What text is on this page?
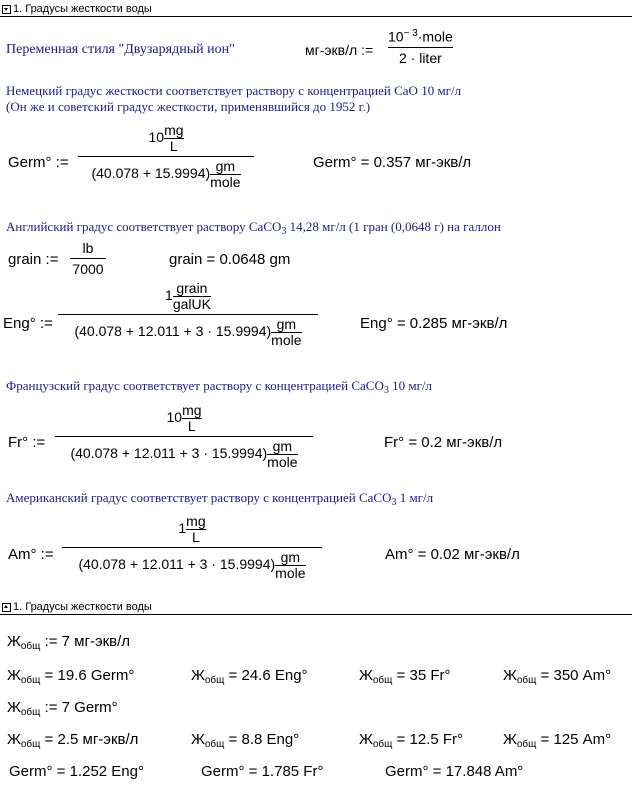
1. Градусы жесткости воды
Переменная стиля "Двузарядный ион"	мг-экв/л :=
$10^{- 3}\cdot mole$
2 · liter
Немецкий градус жесткости соответствует раствору с концентрацией CaO 10 мг/л
(Он же и советский градус жесткости, применявшийся до 1952 г.)
Germ° :=
$10 \frac{mg}{L}$
$(40.078 + 15.9994) \frac{gm}{\text{mole}}$	Germ° = 0.357 мг-экв/л
Английский градус соответствует раствору CaCO$_3$ 14,28 мг/л (1 гран (0,0648 г) на галлон
grain :=
lb
7000
grain = 0.0648 gm
Eng° :=
$1 \frac{\text{grain}}{\text{galUK}}$
$(40.078 + 12.011 + 3 \cdot 15.9994) \frac{gm}{\text{mole}}$	Eng° = 0.285 мг-экв/л
Французский градус соответствует раствору с концентрацией CaCO$_3$ 10 мг/л
Fr° :=
$10 \frac{mg}{L}$
$(40.078 + 12.011 + 3 \cdot 15.9994) \frac{gm}{\text{mole}}$	Fr° = 0.2 мг-экв/л
Американский градус соответствует раствору с концентрацией CaCO$_3$ 1 мг/л
Am° :=
$1 \frac{mg}{L}$
$(40.078 + 12.011 + 3 \cdot 15.9994) \frac{gm}{\text{mole}}$	Am° = 0.02 мг-экв/л
1. Градусы жесткости воды
$Ж_{общ}$ := 7 мг-экв/л
$Ж_{общ} = 19.6$ Germ°	$Ж_{общ} = 24.6$ Eng°	$Ж_{общ} = 35$ Fr°	$Ж_{общ} = 350$ Am°
$Ж_{общ}$ := 7 Germ°
$Ж_{общ} = 2.5$ мг-экв/л	$Ж_{общ} = 8.8$ Eng°	$Ж_{общ} = 12.5$ Fr°	$Ж_{общ} = 125$ Am°
Germ° = 1.252 Eng°	Germ° = 1.785 Fr°	Germ° = 17.848 Am°
